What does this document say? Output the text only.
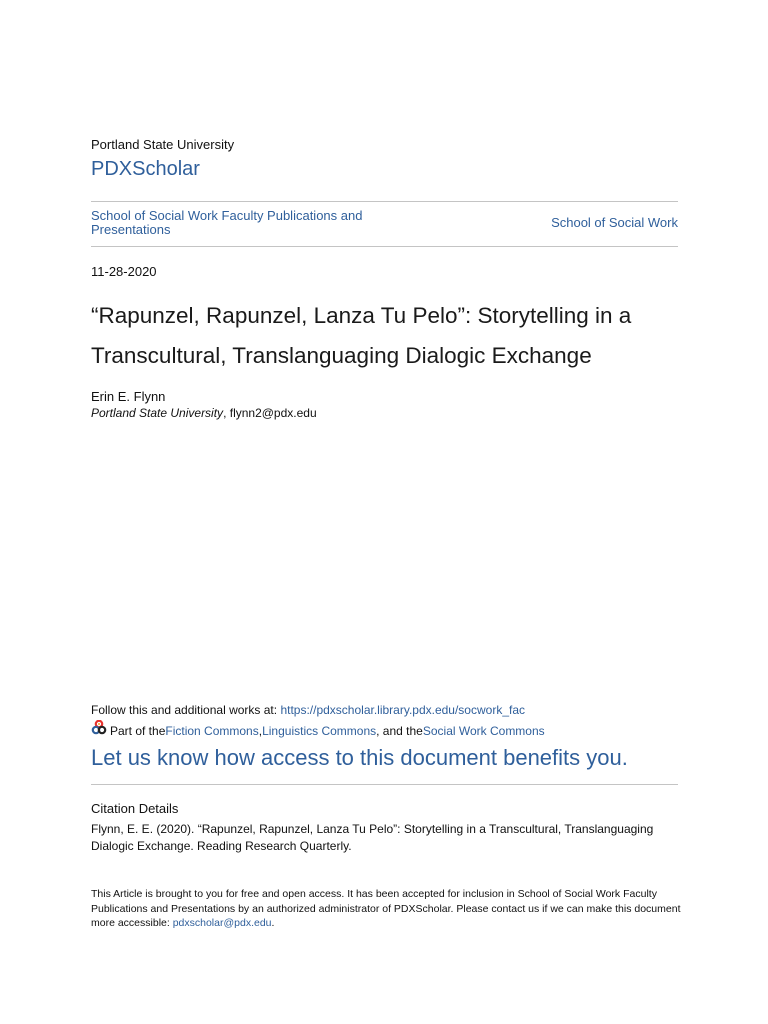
Portland State University
PDXScholar
School of Social Work Faculty Publications and Presentations	School of Social Work
11-28-2020
“Rapunzel, Rapunzel, Lanza Tu Pelo”: Storytelling in a Transcultural, Translanguaging Dialogic Exchange
Erin E. Flynn
Portland State University, flynn2@pdx.edu
Follow this and additional works at: https://pdxscholar.library.pdx.edu/socwork_fac
Part of the Fiction Commons , Linguistics Commons , and the Social Work Commons
Let us know how access to this document benefits you.
Citation Details
Flynn, E. E. (2020). “Rapunzel, Rapunzel, Lanza Tu Pelo”: Storytelling in a Transcultural, Translanguaging Dialogic Exchange. Reading Research Quarterly.
This Article is brought to you for free and open access. It has been accepted for inclusion in School of Social Work Faculty Publications and Presentations by an authorized administrator of PDXScholar. Please contact us if we can make this document more accessible: pdxscholar@pdx.edu.
